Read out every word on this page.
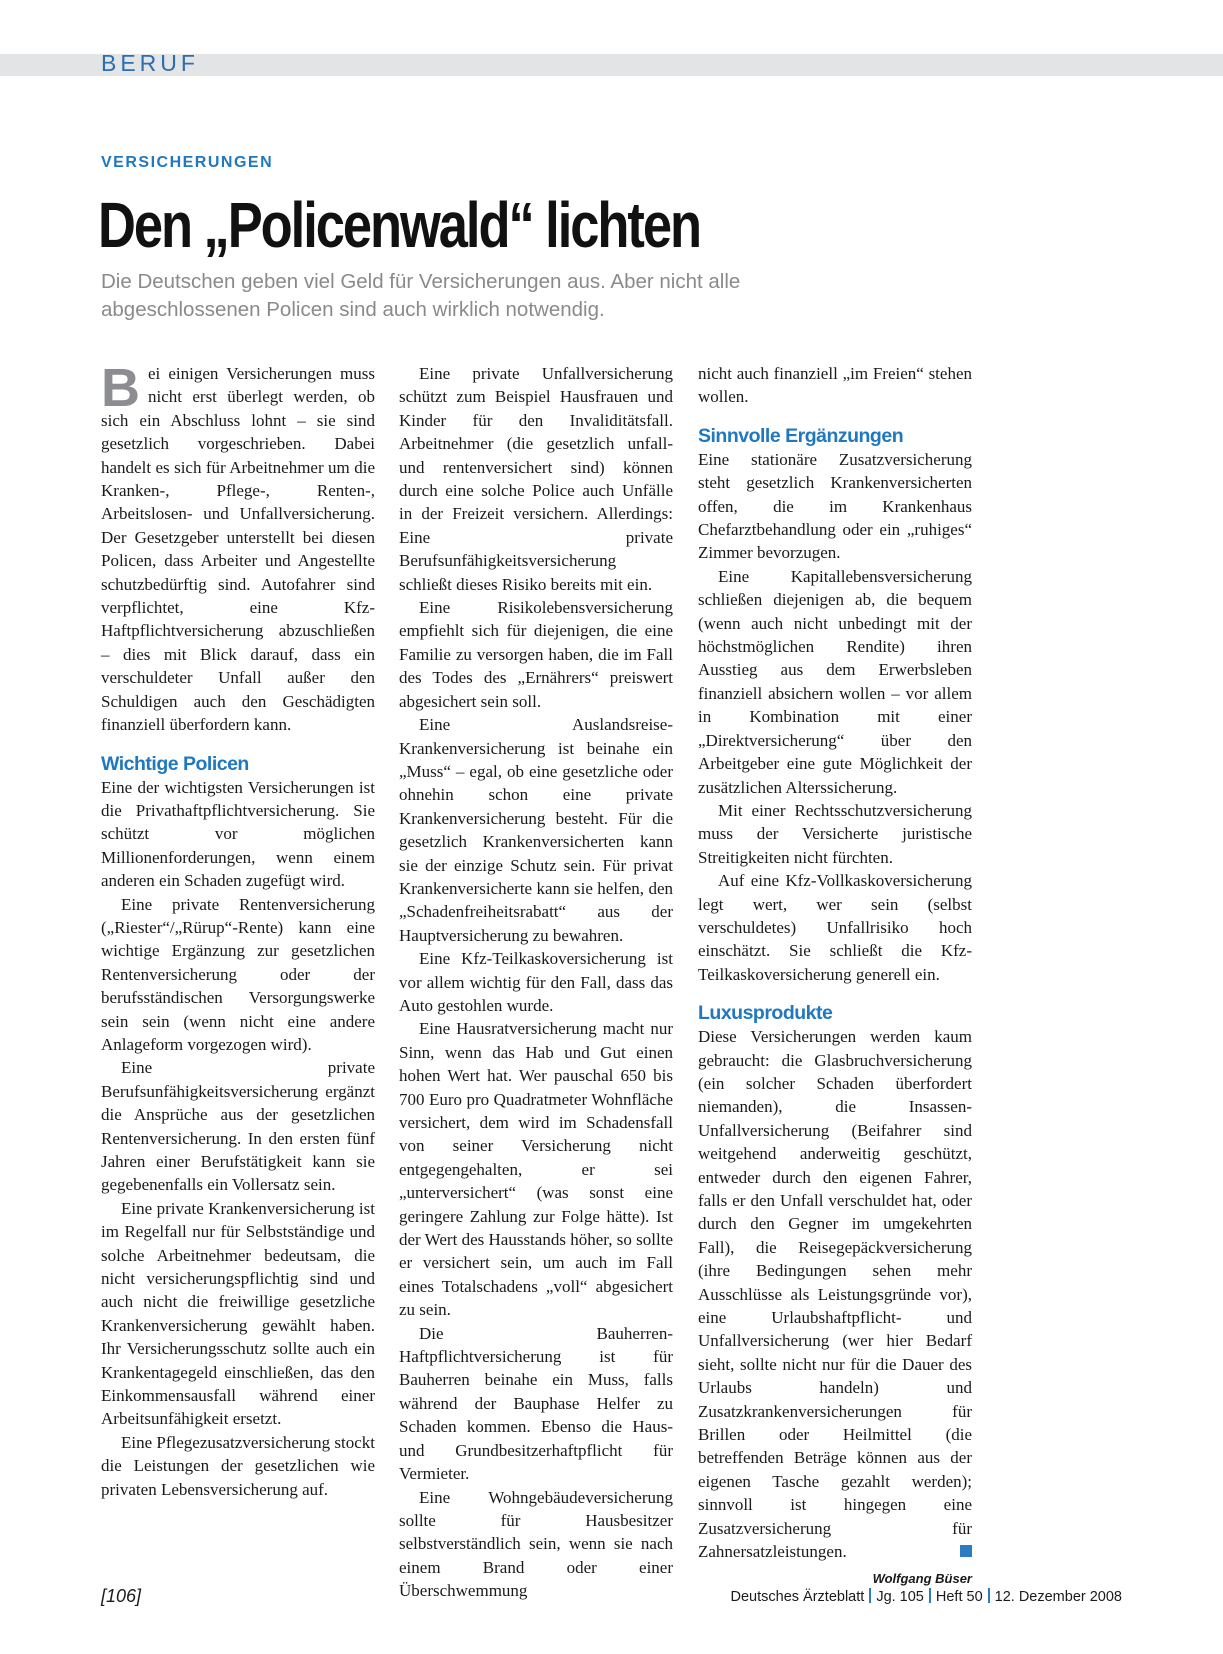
BERUF
VERSICHERUNGEN
Den „Policenwald“ lichten

Die Deutschen geben viel Geld für Versicherungen aus. Aber nicht alle abgeschlossenen Policen sind auch wirklich notwendig.

Bei einigen Versicherungen muss nicht erst überlegt werden, ob sich ein Abschluss lohnt – sie sind gesetzlich vorgeschrieben. Dabei handelt es sich für Arbeitnehmer um die Kranken-, Pflege-, Renten-, Arbeitslosen- und Unfallversicherung. Der Gesetzgeber unterstellt bei diesen Policen, dass Arbeiter und Angestellte schutzbedürftig sind. Autofahrer sind verpflichtet, eine Kfz-Haftpflichtversicherung abzuschließen – dies mit Blick darauf, dass ein verschuldeter Unfall außer den Schuldigen auch den Geschädigten finanziell überfordern kann.

Wichtige Policen

Eine der wichtigsten Versicherungen ist die Privathaftpflichtversicherung. Sie schützt vor möglichen Millionenforderungen, wenn einem anderen ein Schaden zugefügt wird.

Eine private Rentenversicherung („Riester“/„Rürup“-Rente) kann eine wichtige Ergänzung zur gesetzlichen Rentenversicherung oder der berufsständischen Versorgungswerke sein sein (wenn nicht eine andere Anlageform vorgezogen wird).

Eine private Berufsunfähigkeitsversicherung ergänzt die Ansprüche aus der gesetzlichen Rentenversicherung. In den ersten fünf Jahren einer Berufstätigkeit kann sie gegebenenfalls ein Vollersatz sein.

Eine private Krankenversicherung ist im Regelfall nur für Selbstständige und solche Arbeitnehmer bedeutsam, die nicht versicherungspflichtig sind und auch nicht die freiwillige gesetzliche Krankenversicherung gewählt haben. Ihr Versicherungsschutz sollte auch ein Krankentagegeld einschließen, das den Einkommensausfall während einer Arbeitsunfähigkeit ersetzt.

Eine Pflegezusatzversicherung stockt die Leistungen der gesetzlichen wie privaten Lebensversicherung auf.

Eine private Unfallversicherung schützt zum Beispiel Hausfrauen und Kinder für den Invaliditätsfall. Arbeitnehmer (die gesetzlich unfall- und rentenversichert sind) können durch eine solche Police auch Unfälle in der Freizeit versichern. Allerdings: Eine private Berufsunfähigkeitsversicherung schließt dieses Risiko bereits mit ein.

Eine Risikolebensversicherung empfiehlt sich für diejenigen, die eine Familie zu versorgen haben, die im Fall des Todes des „Ernährers“ preiswert abgesichert sein soll.

Eine Auslandsreise-Krankenversicherung ist beinahe ein „Muss“ – egal, ob eine gesetzliche oder ohnehin schon eine private Krankenversicherung besteht. Für die gesetzlich Krankenversicherten kann sie der einzige Schutz sein. Für privat Krankenversicherte kann sie helfen, den „Schadenfreiheitsrabatt“ aus der Hauptversicherung zu bewahren.

Eine Kfz-Teilkaskoversicherung ist vor allem wichtig für den Fall, dass das Auto gestohlen wurde.

Eine Hausratversicherung macht nur Sinn, wenn das Hab und Gut einen hohen Wert hat. Wer pauschal 650 bis 700 Euro pro Quadratmeter Wohnfläche versichert, dem wird im Schadensfall von seiner Versicherung nicht entgegengehalten, er sei „unterversichert“ (was sonst eine geringere Zahlung zur Folge hätte). Ist der Wert des Hausstands höher, so sollte er versichert sein, um auch im Fall eines Totalschadens „voll“ abgesichert zu sein.

Die Bauherren-Haftpflichtversicherung ist für Bauherren beinahe ein Muss, falls während der Bauphase Helfer zu Schaden kommen. Ebenso die Haus- und Grundbesitzerhaftpflicht für Vermieter.

Eine Wohngebäudeversicherung sollte für Hausbesitzer selbstverständlich sein, wenn sie nach einem Brand oder einer Überschwemmung

nicht auch finanziell „im Freien“ stehen wollen.

Sinnvolle Ergänzungen

Eine stationäre Zusatzversicherung steht gesetzlich Krankenversicherten offen, die im Krankenhaus Chefarztbehandlung oder ein „ruhiges“ Zimmer bevorzugen.

Eine Kapitallebensversicherung schließen diejenigen ab, die bequem (wenn auch nicht unbedingt mit der höchstmöglichen Rendite) ihren Ausstieg aus dem Erwerbsleben finanziell absichern wollen – vor allem in Kombination mit einer „Direktversicherung“ über den Arbeitgeber eine gute Möglichkeit der zusätzlichen Alterssicherung.

Mit einer Rechtsschutzversicherung muss der Versicherte juristische Streitigkeiten nicht fürchten.

Auf eine Kfz-Vollkaskoversicherung legt wert, wer sein (selbst verschuldetes) Unfallrisiko hoch einschätzt. Sie schließt die Kfz-Teilkaskoversicherung generell ein.

Luxusprodukte

Diese Versicherungen werden kaum gebraucht: die Glasbruchversicherung (ein solcher Schaden überfordert niemanden), die Insassen-Unfallversicherung (Beifahrer sind weitgehend anderweitig geschützt, entweder durch den eigenen Fahrer, falls er den Unfall verschuldet hat, oder durch den Gegner im umgekehrten Fall), die Reisegepäckversicherung (ihre Bedingungen sehen mehr Ausschlüsse als Leistungsgründe vor), eine Urlaubshaftpflicht- und Unfallversicherung (wer hier Bedarf sieht, sollte nicht nur für die Dauer des Urlaubs handeln) und Zusatzkrankenversicherungen für Brillen oder Heilmittel (die betreffenden Beträge können aus der eigenen Tasche gezahlt werden); sinnvoll ist hingegen eine Zusatzversicherung für Zahnersatzleistungen.

Wolfgang Büser
[106]	Deutsches Ärzteblatt Jg. 105 Heft 50 12. Dezember 2008
